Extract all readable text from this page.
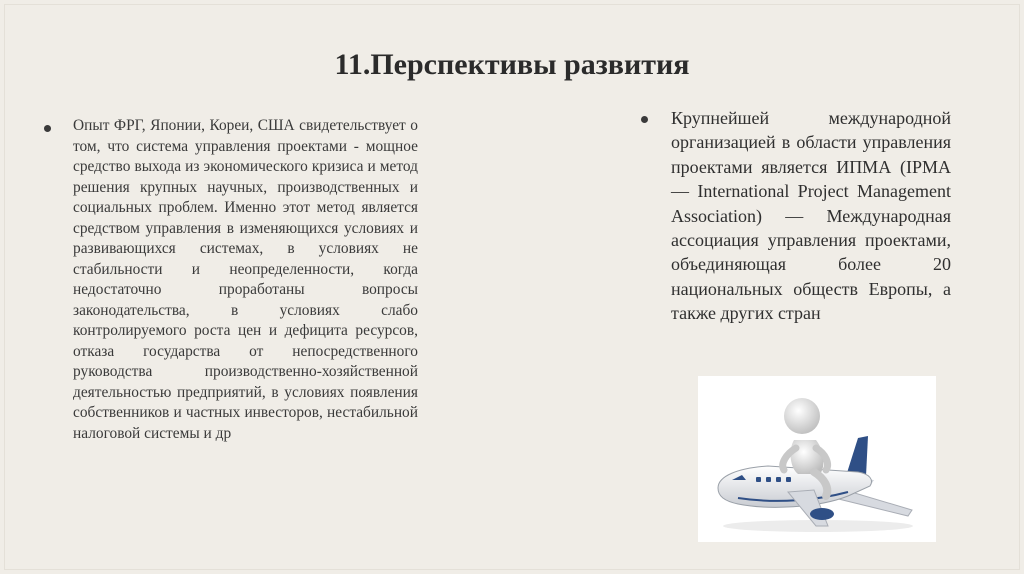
11.Перспективы развития
Опыт ФРГ, Японии, Кореи, США свидетельствует о том, что система управления проектами - мощное средство выхода из экономического кризиса и метод решения крупных научных, производственных и социальных проблем. Именно этот метод является средством управления в изменяющихся условиях и развивающихся системах, в условиях не стабильности и неопределенности, когда недостаточно проработаны вопросы законодательства, в условиях слабо контролируемого роста цен и дефицита ресурсов, отказа государства от непосредственного руководства производственно-хозяйственной деятельностью предприятий, в условиях появления собственников и частных инвесторов, нестабильной налоговой системы и др
Крупнейшей международной организацией в области управления проектами является ИПМА (IPMA — International Project Management Association) — Международная ассоциация управления проектами, объединяющая более 20 национальных обществ Европы, а также других стран
